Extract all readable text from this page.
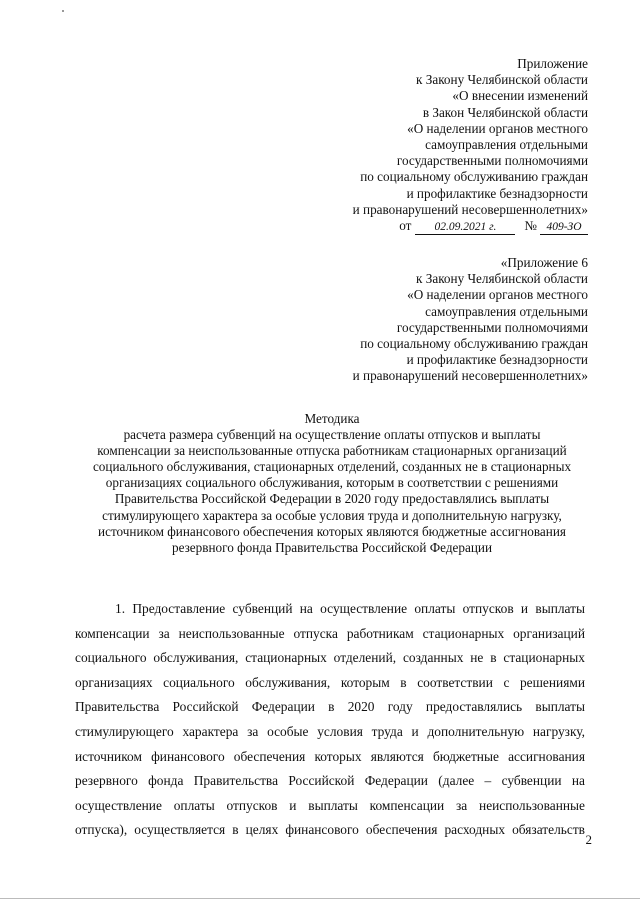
Приложение
к Закону Челябинской области
«О внесении изменений
в Закон Челябинской области
«О наделении органов местного
самоуправления отдельными
государственными полномочиями
по социальному обслуживанию граждан
и профилактике безнадзорности
и правонарушений несовершеннолетних»
от 02.09.2021 г. № 409-ЗО
«Приложение 6
к Закону Челябинской области
«О наделении органов местного
самоуправления отдельными
государственными полномочиями
по социальному обслуживанию граждан
и профилактике безнадзорности
и правонарушений несовершеннолетних»
Методика
расчета размера субвенций на осуществление оплаты отпусков и выплаты
компенсации за неиспользованные отпуска работникам стационарных организаций
социального обслуживания, стационарных отделений, созданных не в стационарных
организациях социального обслуживания, которым в соответствии с решениями
Правительства Российской Федерации в 2020 году предоставлялись выплаты
стимулирующего характера за особые условия труда и дополнительную нагрузку,
источником финансового обеспечения которых являются бюджетные ассигнования
резервного фонда Правительства Российской Федерации
1. Предоставление субвенций на осуществление оплаты отпусков и выплаты
компенсации за неиспользованные отпуска работникам стационарных организаций
социального обслуживания, стационарных отделений, созданных не в стационарных
организациях социального обслуживания, которым в соответствии с решениями
Правительства Российской Федерации в 2020 году предоставлялись выплаты
стимулирующего характера за особые условия труда и дополнительную нагрузку,
источником финансового обеспечения которых являются бюджетные ассигнования
резервного фонда Правительства Российской Федерации (далее – субвенции на
осуществление оплаты отпусков и выплаты компенсации за неиспользованные
отпуска), осуществляется в целях финансового обеспечения расходных обязательств
2
